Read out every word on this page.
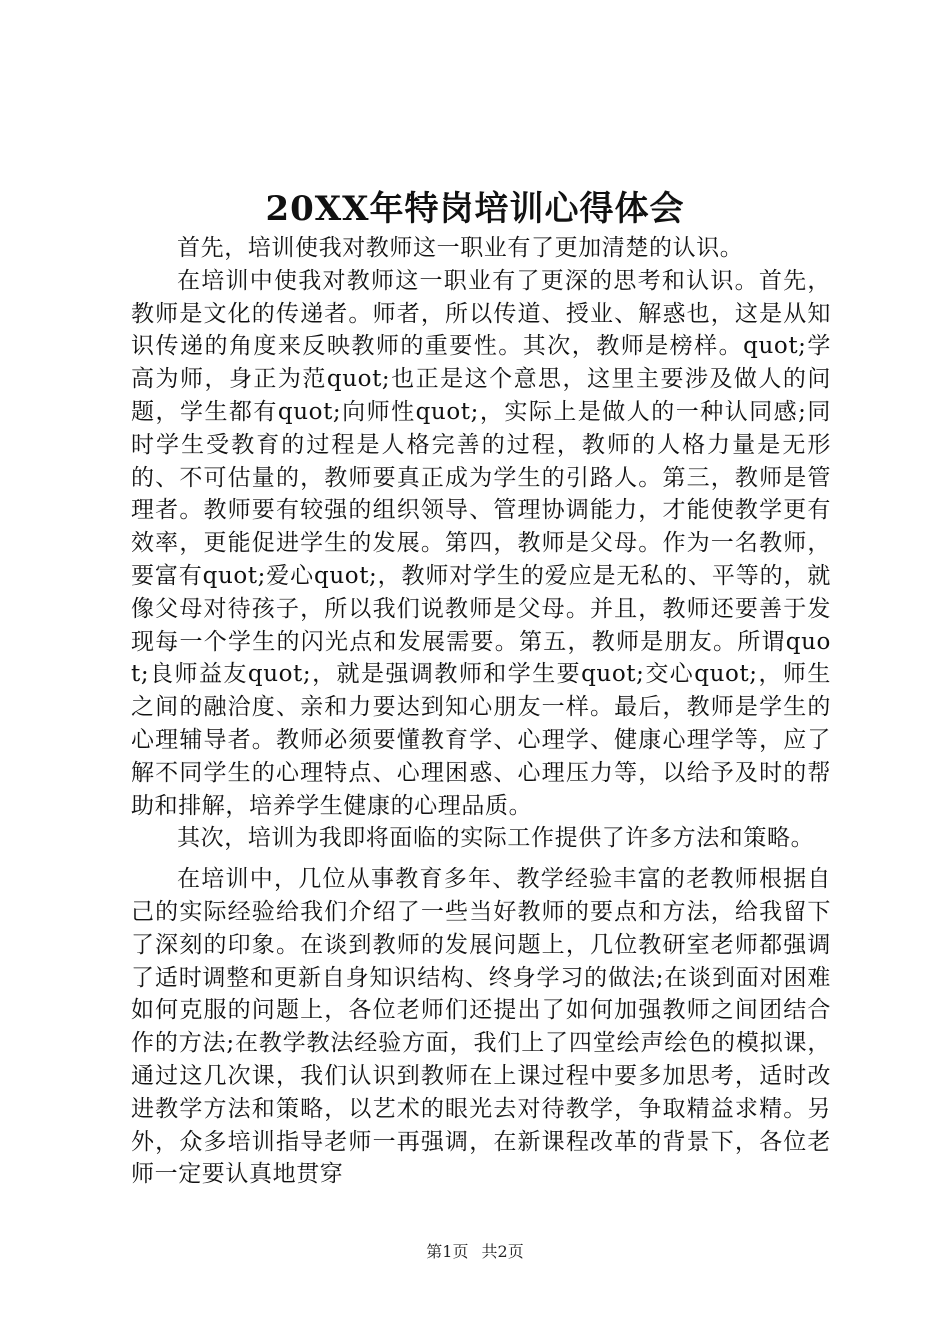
20XX年特岗培训心得体会

首先，培训使我对教师这一职业有了更加清楚的认识。

在培训中使我对教师这一职业有了更深的思考和认识。首先，教师是文化的传递者。师者，所以传道、授业、解惑也，这是从知识传递的角度来反映教师的重要性。其次，教师是榜样。quot;学高为师，身正为范quot;也正是这个意思，这里主要涉及做人的问题，学生都有quot;向师性quot;，实际上是做人的一种认同感;同时学生受教育的过程是人格完善的过程，教师的人格力量是无形的、不可估量的，教师要真正成为学生的引路人。第三，教师是管理者。教师要有较强的组织领导、管理协调能力，才能使教学更有效率，更能促进学生的发展。第四，教师是父母。作为一名教师，要富有quot;爱心quot;，教师对学生的爱应是无私的、平等的，就像父母对待孩子，所以我们说教师是父母。并且，教师还要善于发现每一个学生的闪光点和发展需要。第五，教师是朋友。所谓quot;良师益友quot;，就是强调教师和学生要quot;交心quot;，师生之间的融洽度、亲和力要达到知心朋友一样。最后，教师是学生的心理辅导者。教师必须要懂教育学、心理学、健康心理学等，应了解不同学生的心理特点、心理困惑、心理压力等，以给予及时的帮助和排解，培养学生健康的心理品质。

其次，培训为我即将面临的实际工作提供了许多方法和策略。

在培训中，几位从事教育多年、教学经验丰富的老教师根据自己的实际经验给我们介绍了一些当好教师的要点和方法，给我留下了深刻的印象。在谈到教师的发展问题上，几位教研室老师都强调了适时调整和更新自身知识结构、终身学习的做法;在谈到面对困难如何克服的问题上，各位老师们还提出了如何加强教师之间团结合作的方法;在教学教法经验方面，我们上了四堂绘声绘色的模拟课，通过这几次课，我们认识到教师在上课过程中要多加思考，适时改进教学方法和策略，以艺术的眼光去对待教学，争取精益求精。另外，众多培训指导老师一再强调，在新课程改革的背景下，各位老师一定要认真地贯穿

第1页 共2页
